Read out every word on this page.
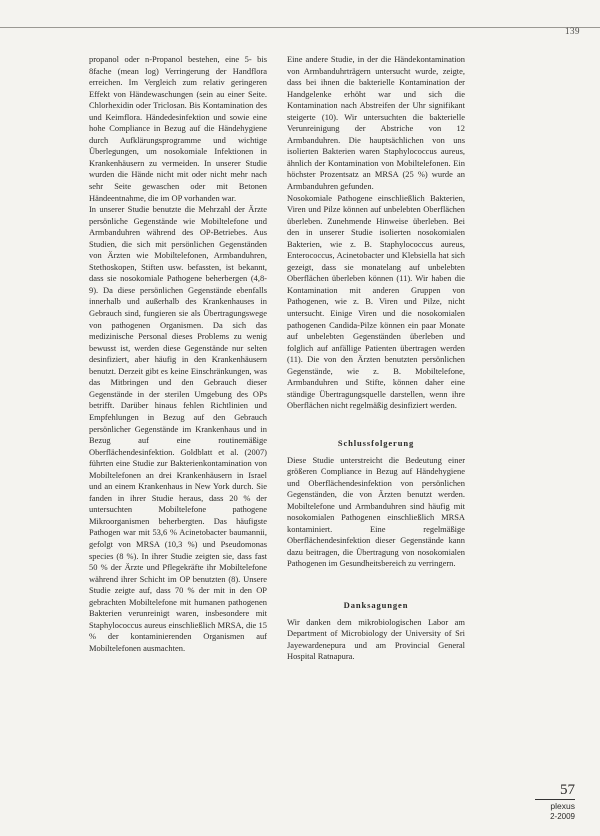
139

propanol oder n-Propanol bestehen, eine 5- bis 8fache (mean log) Verringerung der Handflora erreichen. Im Vergleich zum relativ geringeren Effekt von Händewaschungen (sein au einer Seite. Chlorhexidin oder Triclosan. Bis Kontamination des und Keimflora. Händedesinfektion und sowie eine hohe Compliance in Bezug auf die Händehygiene durch Aufklärungsprogramme und wichtige Überlegungen, um nosokomiale Infektionen in Krankenhäusern zu vermeiden. In unserer Studie wurden die Hände nicht mit oder nicht mehr nach sehr Seite gewaschen oder mit Betonen Händeentnahme, die im OP vorhanden war.

In unserer Studie benutzte die Mehrzahl der Ärzte persönliche Gegenstände wie Mobiltelefone und Armbanduhren während des OP-Betriebes. Aus Studien, die sich mit persönlichen Gegenständen von Ärzten wie Mobiltelefonen, Armbanduhren, Stethoskopen, Stiften usw. befassten, ist bekannt, dass sie nosokomiale Pathogene beherbergen (4,8-9). Da diese persönlichen Gegenstände ebenfalls innerhalb und außerhalb des Krankenhauses in Gebrauch sind, fungieren sie als Übertragungswege von pathogenen Organismen. Da sich das medizinische Personal dieses Problems zu wenig bewusst ist, werden diese Gegenstände nur selten desinfiziert, aber häufig in den Krankenhäusern benutzt. Derzeit gibt es keine Einschränkungen, was das Mitbringen und den Gebrauch dieser Gegenstände in der sterilen Umgebung des OPs betrifft. Darüber hinaus fehlen Richtlinien und Empfehlungen in Bezug auf den Gebrauch persönlicher Gegenstände im Krankenhaus und in Bezug auf eine routinemäßige Oberflächendesinfektion. Goldblatt et al. (2007) führten eine Studie zur Bakterienkontamination von Mobiltelefonen an drei Krankenhäusern in Israel und an einem Krankenhaus in New York durch. Sie fanden in ihrer Studie heraus, dass 20 % der untersuchten Mobiltelefone pathogene Mikroorganismen beherbergten. Das häufigste Pathogen war mit 53,6 % Acinetobacter baumannii, gefolgt von MRSA (10,3 %) und Pseudomonas species (8 %). In ihrer Studie zeigten sie, dass fast 50 % der Ärzte und Pflegekräfte ihr Mobiltelefone während ihrer Schicht im OP benutzten (8). Unsere Studie zeigte auf, dass 70 % der mit in den OP gebrachten Mobiltelefone mit humanen pathogenen Bakterien verunreinigt waren, insbesondere mit Staphylococcus aureus einschließlich MRSA, die 15 % der kontaminierenden Organismen auf Mobiltelefonen ausmachten.

Eine andere Studie, in der die Händekontamination von Armbanduhrträgern untersucht wurde, zeigte, dass bei ihnen die bakterielle Kontamination der Handgelenke erhöht war und sich die Kontamination nach Abstreifen der Uhr signifikant steigerte (10). Wir untersuchten die bakterielle Verunreinigung der Abstriche von 12 Armbanduhren. Die hauptsächlichen von uns isolierten Bakterien waren Staphylococcus aureus, ähnlich der Kontamination von Mobiltelefonen. Ein höchster Prozentsatz an MRSA (25 %) wurde an Armbanduhren gefunden.

Nosokomiale Pathogene einschließlich Bakterien, Viren und Pilze können auf unbelebten Oberflächen überleben. Zunehmende Hinweise überleben. Bei den in unserer Studie isolierten nosokomialen Bakterien, wie z. B. Staphylococcus aureus, Enterococcus, Acinetobacter und Klebsiella hat sich gezeigt, dass sie monatelang auf unbelebten Oberflächen überleben können (11). Wir haben die Kontamination mit anderen Gruppen von Pathogenen, wie z. B. Viren und Pilze, nicht untersucht. Einige Viren und die nosokomialen pathogenen Candida-Pilze können ein paar Monate auf unbelebten Gegenständen überleben und folglich auf anfällige Patienten übertragen werden (11). Die von den Ärzten benutzten persönlichen Gegenstände, wie z. B. Mobiltelefone, Armbanduhren und Stifte, können daher eine ständige Übertragungsquelle darstellen, wenn ihre Oberflächen nicht regelmäßig desinfiziert werden.

Schlussfolgerung

Diese Studie unterstreicht die Bedeutung einer größeren Compliance in Bezug auf Händehygiene und Oberflächendesinfektion von persönlichen Gegenständen, die von Ärzten benutzt werden. Mobiltelefone und Armbanduhren sind häufig mit nosokomialen Pathogenen einschließlich MRSA kontaminiert. Eine regelmäßige Oberflächendesinfektion dieser Gegenstände kann dazu beitragen, die Übertragung von nosokomialen Pathogenen im Gesundheitsbereich zu verringern.

Danksagungen

Wir danken dem mikrobiologischen Labor am Department of Microbiology der University of Sri Jayewardenepura und am Provincial General Hospital Ratnapura.

57
plexus
2-2009
